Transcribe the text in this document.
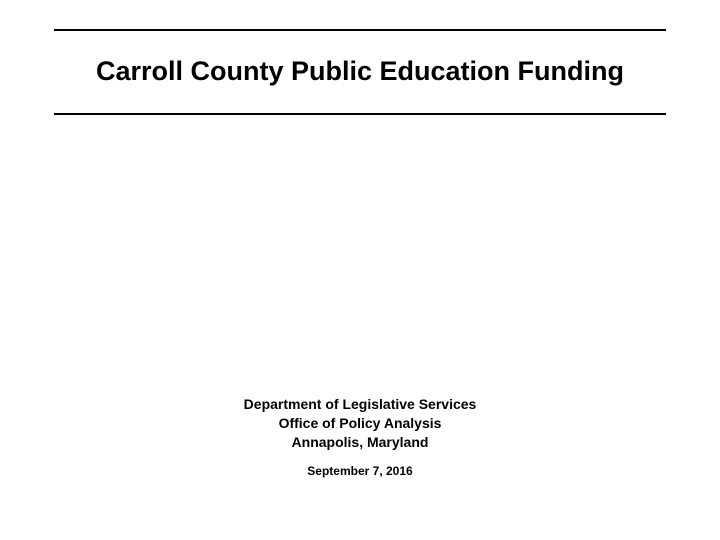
Carroll County Public Education Funding
Department of Legislative Services
Office of Policy Analysis
Annapolis, Maryland
September 7, 2016
